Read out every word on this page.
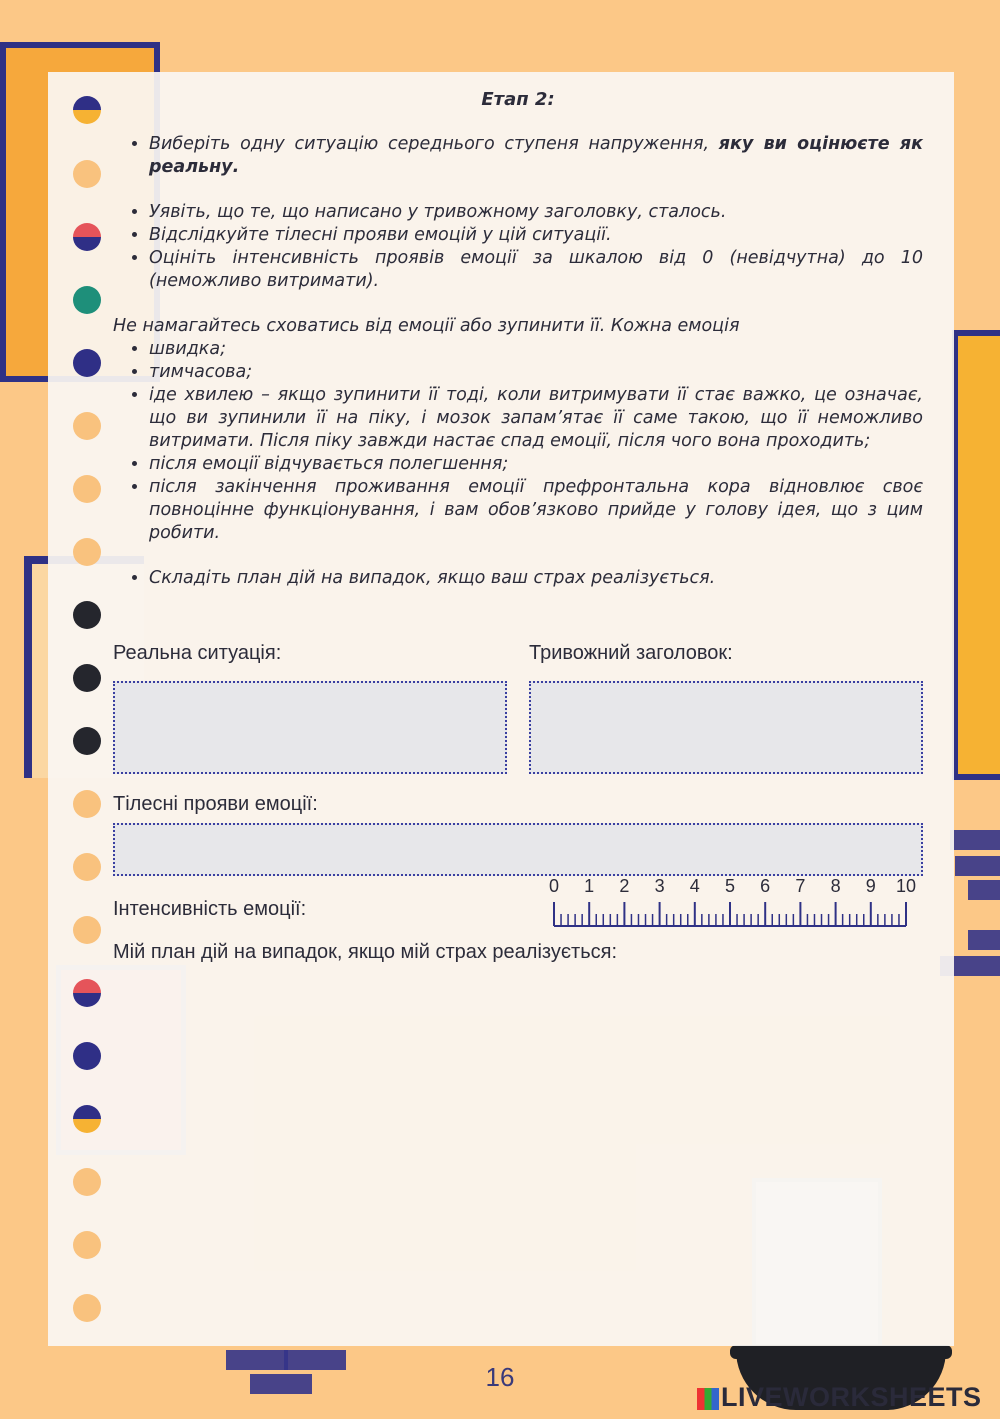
Етап 2:

• Виберіть одну ситуацію середнього ступеня напруження, яку ви оцінюєте як реальну.
• Уявіть, що те, що написано у тривожному заголовку, сталось.
• Відслідкуйте тілесні прояви емоцій у цій ситуації.
• Оцініть інтенсивність проявів емоції за шкалою від 0 (невідчутна) до 10 (неможливо витримати).

Не намагайтесь сховатись від емоції або зупинити її. Кожна емоція

• швидка;
• тимчасова;
• іде хвилею – якщо зупинити її тоді, коли витримувати її стає важко, це означає, що ви зупинили її на піку, і мозок запам’ятає її саме такою, що її неможливо витримати. Після піку завжди настає спад емоції, після чого вона проходить;
• після емоції відчувається полегшення;
• після закінчення проживання емоції префронтальна кора відновлює своє повноцінне функціонування, і вам обов’язково прийде у голову ідея, що з цим робити.
• Складіть план дій на випадок, якщо ваш страх реалізується.
Реальна ситуація:	Тривожний заголовок:
Тілесні прояви емоції:
Інтенсивність емоції:
0 1 2 3 4 5 6 7 8 9 10
Мій план дій на випадок, якщо мій страх реалізується:
16
LIVEWORKSHEETS
